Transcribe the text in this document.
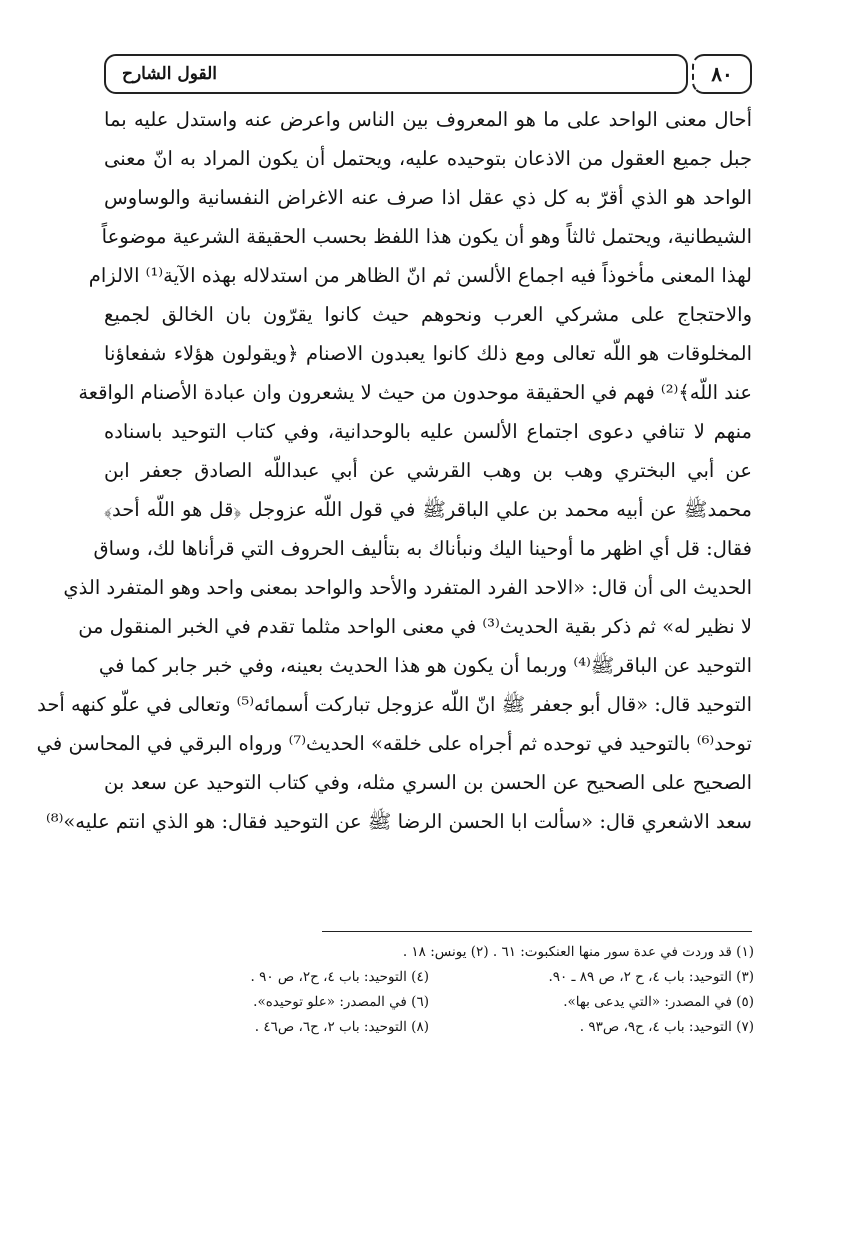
القول الشارح	٨٠
أحال معنى الواحد على ما هو المعروف بين الناس واعرض عنه واستدل عليه بما
جبل جميع العقول من الاذعان بتوحيده عليه، ويحتمل أن يكون المراد به انّ معنى
الواحد هو الذي أقرّ به كل ذي عقل اذا صرف عنه الاغراض النفسانية والوساوس
الشيطانية، ويحتمل ثالثاً وهو أن يكون هذا اللفظ بحسب الحقيقة الشرعية موضوعاً
لهذا المعنى مأخوذاً فيه اجماع الألسن ثم انّ الظاهر من استدلاله بهذه الآية⁽¹⁾ الالزام
والاحتجاج على مشركي العرب ونحوهم حيث كانوا يقرّون بان الخالق لجميع
المخلوقات هو اللّه تعالى ومع ذلك كانوا يعبدون الاصنام ﴿ويقولون هؤلاء شفعاؤنا
عند اللّه﴾⁽²⁾ فهم في الحقيقة موحدون من حيث لا يشعرون وان عبادة الأصنام الواقعة
منهم لا تنافي دعوى اجتماع الألسن عليه بالوحدانية، وفي كتاب التوحيد باسناده
عن أبي البختري وهب بن وهب القرشي عن أبي عبداللّه الصادق جعفر ابن
محمدﷺ عن أبيه محمد بن علي الباقرﷺ في قول اللّه عزوجل ﴿قل هو اللّه أحد﴾
فقال: قل أي اظهر ما أوحينا اليك ونبأناك به بتأليف الحروف التي قرأناها لك، وساق
الحديث الى أن قال: «الاحد الفرد المتفرد والأحد والواحد بمعنى واحد وهو المتفرد الذي
لا نظير له» ثم ذكر بقية الحديث⁽³⁾ في معنى الواحد مثلما تقدم في الخبر المنقول من
التوحيد عن الباقرﷺ⁽⁴⁾ وربما أن يكون هو هذا الحديث بعينه، وفي خبر جابر كما في
التوحيد قال: «قال أبو جعفر ﷺ انّ اللّه عزوجل تباركت أسمائه⁽⁵⁾ وتعالى في علّو كنهه أحد
توحد⁽⁶⁾ بالتوحيد في توحده ثم أجراه على خلقه» الحديث⁽⁷⁾ ورواه البرقي في المحاسن في
الصحيح على الصحيح عن الحسن بن السري مثله، وفي كتاب التوحيد عن سعد بن
سعد الاشعري قال: «سألت ابا الحسن الرضا ﷺ عن التوحيد فقال: هو الذي انتم عليه»⁽⁸⁾
(١) قد وردت في عدة سور منها العنكبوت: ٦١ . (٢) يونس: ١٨ .
(٣) التوحيد: باب ٤، ح ٢، ص ٨٩ ـ ٩٠.
(٤) التوحيد: باب ٤، ح٢، ص ٩٠ .
(٥) في المصدر: «التي يدعى بها».
(٦) في المصدر: «علو توحيده».
(٧) التوحيد: باب ٤، ح٩، ص٩٣ .
(٨) التوحيد: باب ٢، ح٦، ص٤٦ .
